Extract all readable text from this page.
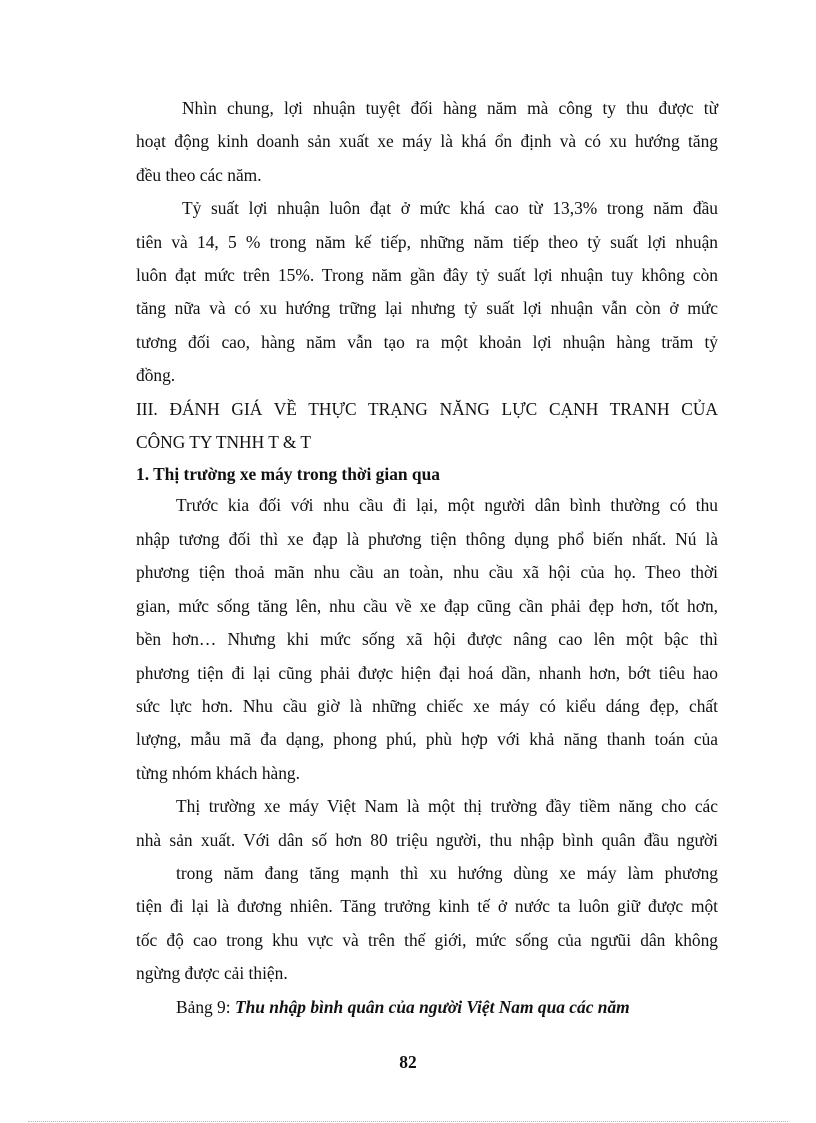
Nhìn chung, lợi nhuận tuyệt đối hàng năm mà công ty thu được từ
hoạt động kinh doanh sản xuất xe máy là khá ổn định và có xu hướng tăng
đều theo các năm.

Tỷ suất lợi nhuận luôn đạt ở mức khá cao từ 13,3% trong năm đầu
tiên và 14, 5 % trong năm kế tiếp, những năm tiếp theo tỷ suất lợi nhuận
luôn đạt mức trên 15%. Trong năm gần đây tỷ suất lợi nhuận tuy không còn
tăng nữa và có xu hướng trững lại nhưng tỷ suất lợi nhuận vẫn còn ở mức
tương đối cao, hàng năm vẫn tạo ra một khoản lợi nhuận hàng trăm tỷ
đồng.

III. ĐÁNH GIÁ VỀ THỰC TRẠNG NĂNG LỰC CẠNH TRANH CỦA
CÔNG TY TNHH T & T
1. Thị trường xe máy trong thời gian qua

Trước kia đối với nhu cầu đi lại, một người dân bình thường có thu
nhập tương đối thì xe đạp là phương tiện thông dụng phổ biến nhất. Nú là
phương tiện thoả mãn nhu cầu an toàn, nhu cầu xã hội của họ. Theo thời
gian, mức sống tăng lên, nhu cầu về xe đạp cũng cần phải đẹp hơn, tốt hơn,
bền hơn… Nhưng khi mức sống xã hội được nâng cao lên một bậc thì
phương tiện đi lại cũng phải được hiện đại hoá dần, nhanh hơn, bớt tiêu hao
sức lực hơn. Nhu cầu giờ là những chiếc xe máy có kiểu dáng đẹp, chất
lượng, mẫu mã đa dạng, phong phú, phù hợp với khả năng thanh toán của
từng nhóm khách hàng.

Thị trường xe máy Việt Nam là một thị trường đầy tiềm năng cho các
nhà sản xuất. Với dân số hơn 80 triệu người, thu nhập bình quân đầu người
trong năm đang tăng mạnh thì xu hướng dùng xe máy làm phương
tiện đi lại là đương nhiên. Tăng trưởng kinh tế ở nước ta luôn giữ được một
tốc độ cao trong khu vực và trên thế giới, mức sống của ngưũi dân không
ngừng được cải thiện.

Bảng 9: Thu nhập bình quân của người Việt Nam qua các năm

82
